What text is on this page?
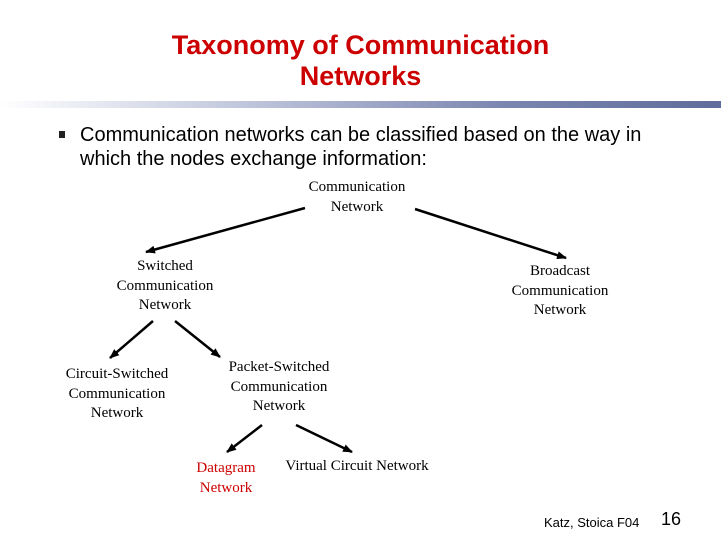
Taxonomy of Communication
Networks
Communication networks can be classified based on the way in which the nodes exchange information:
Communication
Network
Switched
Communication
Network
Broadcast
Communication
Network
Circuit-Switched
Communication
Network
Packet-Switched
Communication
Network
Datagram
Network
Virtual Circuit Network
Katz, Stoica F04 16
